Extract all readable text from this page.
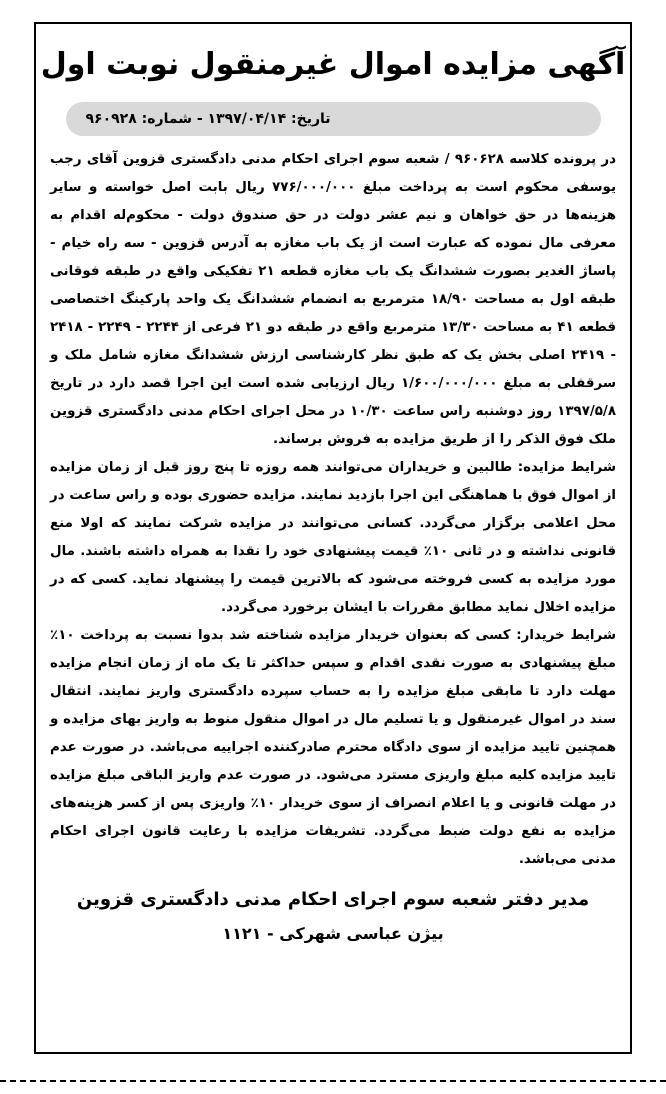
آگهی مزایده اموال غیرمنقول نوبت اول
تاریخ: ۱۳۹۷/۰۴/۱۴ - شماره: ۹۶۰۹۲۸

در پرونده کلاسه ۹۶۰۶۲۸ / شعبه سوم اجرای احکام مدنی دادگستری قزوین آقای رجب یوسفی محکوم است به پرداخت مبلغ ۷۷۶/۰۰۰/۰۰۰ ریال بابت اصل خواسته و سایر هزینه‌ها در حق خواهان و نیم عشر دولت در حق صندوق دولت - محکوم‌له اقدام به معرفی مال نموده که عبارت است از یک باب مغازه به آدرس قزوین - سه راه خیام - پاساژ الغدیر بصورت ششدانگ یک باب مغازه قطعه ۲۱ تفکیکی واقع در طبقه فوقانی طبقه اول به مساحت ۱۸/۹۰ مترمربع به انضمام ششدانگ یک واحد پارکینگ اختصاصی قطعه ۴۱ به مساحت ۱۳/۳۰ مترمربع واقع در طبقه دو ۲۱ فرعی از ۲۲۴۴ - ۲۲۴۹ - ۲۴۱۸ - ۲۴۱۹ اصلی بخش یک که طبق نظر کارشناسی ارزش ششدانگ مغازه شامل ملک و سرقفلی به مبلغ ۱/۶۰۰/۰۰۰/۰۰۰ ریال ارزیابی شده است این اجرا قصد دارد در تاریخ ۱۳۹۷/۵/۸ روز دوشنبه راس ساعت ۱۰/۳۰ در محل اجرای احکام مدنی دادگستری قزوین ملک فوق الذکر را از طریق مزایده به فروش برساند.

شرایط مزایده: طالبین و خریداران می‌توانند همه روزه تا پنج روز قبل از زمان مزایده از اموال فوق با هماهنگی این اجرا بازدید نمایند. مزایده حضوری بوده و راس ساعت در محل اعلامی برگزار می‌گردد. کسانی می‌توانند در مزایده شرکت نمایند که اولا منع قانونی نداشته و در ثانی ۱۰٪ قیمت پیشنهادی خود را نقدا به همراه داشته باشند. مال مورد مزایده به کسی فروخته می‌شود که بالاترین قیمت را پیشنهاد نماید. کسی که در مزایده اخلال نماید مطابق مقررات با ایشان برخورد می‌گردد.

شرایط خریدار: کسی که بعنوان خریدار مزایده شناخته شد بدوا نسبت به پرداخت ۱۰٪ مبلغ پیشنهادی به صورت نقدی اقدام و سپس حداکثر تا یک ماه از زمان انجام مزایده مهلت دارد تا مابقی مبلغ مزایده را به حساب سپرده دادگستری واریز نمایند. انتقال سند در اموال غیرمنقول و یا تسلیم مال در اموال منقول منوط به واریز بهای مزایده و همچنین تایید مزایده از سوی دادگاه محترم صادرکننده اجراییه می‌باشد. در صورت عدم تایید مزایده کلیه مبلغ واریزی مسترد می‌شود. در صورت عدم واریز الباقی مبلغ مزایده در مهلت قانونی و یا اعلام انصراف از سوی خریدار ۱۰٪ واریزی پس از کسر هزینه‌های مزایده به نفع دولت ضبط می‌گردد. تشریفات مزایده با رعایت قانون اجرای احکام مدنی می‌باشد.

مدیر دفتر شعبه سوم اجرای احکام مدنی دادگستری قزوین
بیژن عباسی شهرکی - ۱۱۲۱
